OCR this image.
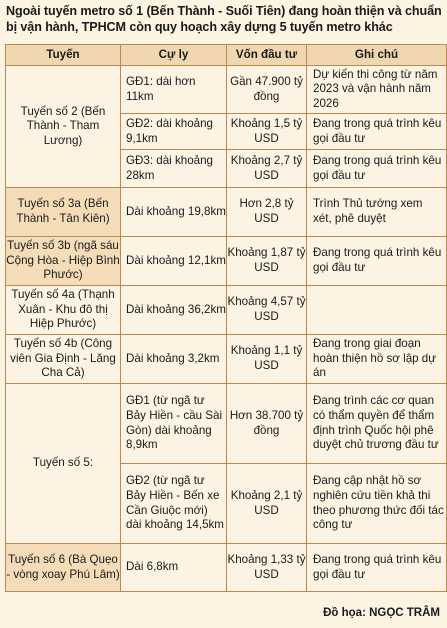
Ngoài tuyến metro số 1 (Bến Thành - Suối Tiên) đang hoàn thiện và chuẩn bị vận hành, TPHCM còn quy hoạch xây dựng 5 tuyến metro khác
Tuyến	Cự ly	Vốn đầu tư	Ghi chú
Tuyến số 2 (Bến Thành - Tham Lương)	GĐ1: dài hơn 11km	Gần 47.900 tỷ đồng	Dự kiến thi công từ năm 2023 và vận hành năm 2026
	GĐ2: dài khoảng 9,1km	Khoảng 1,5 tỷ USD	Đang trong quá trình kêu gọi đầu tư
	GĐ3: dài khoảng 28km	Khoảng 2,7 tỷ USD	Đang trong quá trình kêu gọi đầu tư
Tuyến số 3a (Bến Thành - Tân Kiên)	Dài khoảng 19,8km	Hơn 2,8 tỷ USD	Trình Thủ tướng xem xét, phê duyệt
Tuyến số 3b (ngã sáu Cộng Hòa - Hiệp Bình Phước)	Dài khoảng 12,1km	Khoảng 1,87 tỷ USD	Đang trong quá trình kêu gọi đầu tư
Tuyến số 4a (Thạnh Xuân - Khu đô thị Hiệp Phước)	Dài khoảng 36,2km	Khoảng 4,57 tỷ USD	
Tuyến số 4b (Công viên Gia Định - Lăng Cha Cả)	Dài khoảng 3,2km	Khoảng 1,1 tỷ USD	Đang trong giai đoạn hoàn thiện hồ sơ lập dự án
Tuyến số 5:	GĐ1 (từ ngã tư Bảy Hiền - cầu Sài Gòn) dài khoảng 8,9km	Hơn 38.700 tỷ đồng	Đang trình các cơ quan có thẩm quyền để thẩm định trình Quốc hội phê duyệt chủ trương đầu tư
	GĐ2 (từ ngã tư Bảy Hiền - Bến xe Cần Giuộc mới) dài khoảng 14,5km	Khoảng 2,1 tỷ USD	Đang cập nhật hồ sơ nghiên cứu tiền khả thi theo phương thức đối tác công tư
Tuyến số 6 (Bà Quẹo - vòng xoay Phú Lâm)	Dài 6,8km	Khoảng 1,33 tỷ USD	Đang trong quá trình kêu gọi đầu tư
Đồ họa: NGỌC TRÂM
